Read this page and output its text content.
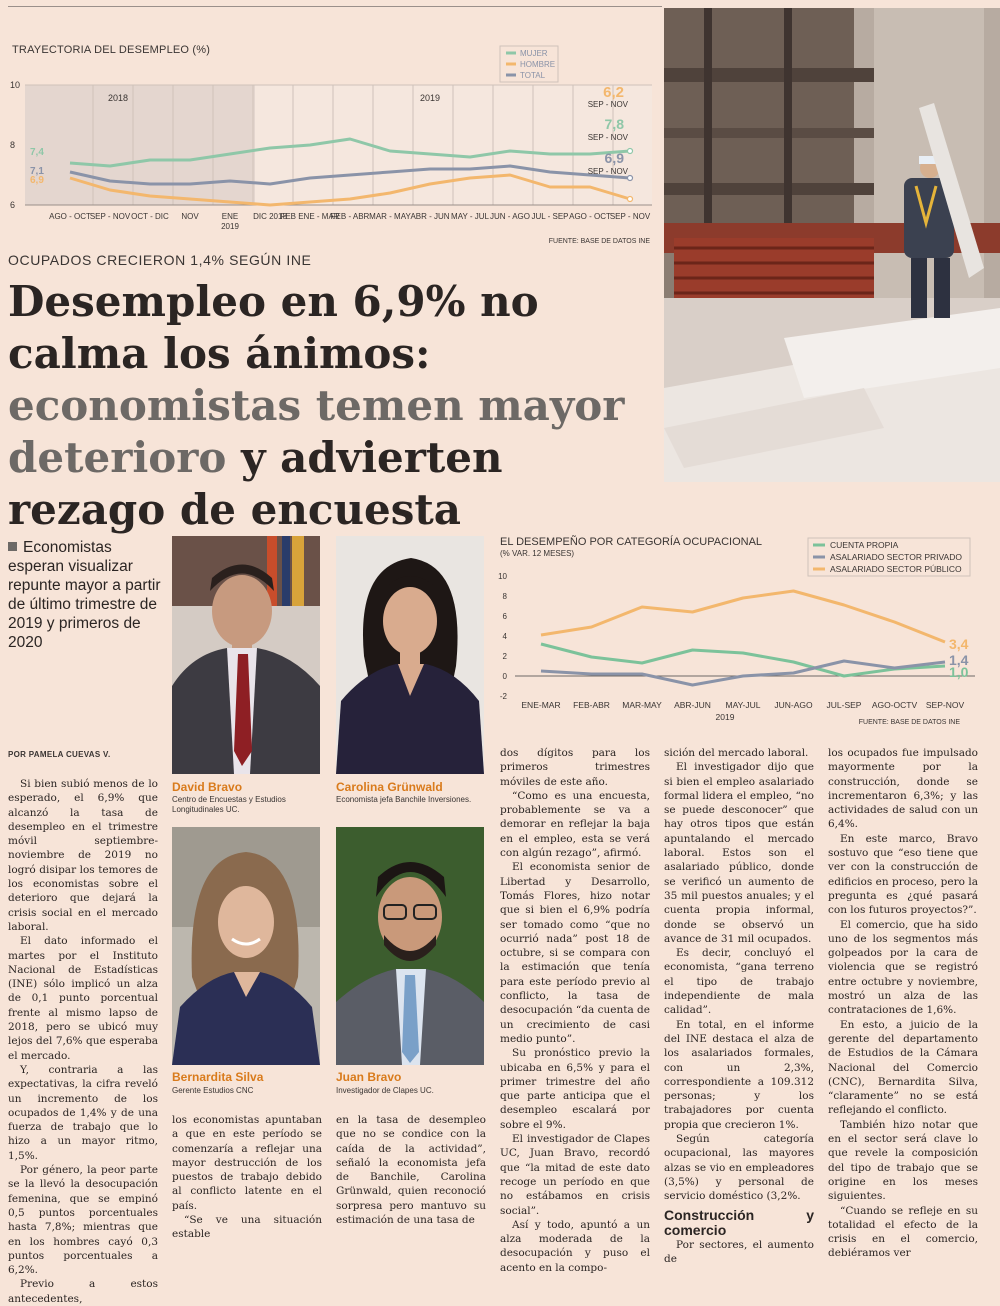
TRAYECTORIA DEL DESEMPLEO (%)
10
8
6
2018	2019
AGO - OCT
SEP - NOV OCT - DIC NOV	ENE DIC 2018
FEB ENE - MAR
FEB - ABR MAR - MAY ABR - JUN MAY - JUL JUN - AGO JUL - SEP AGO - OCT
SEP - NOV
2019
7,4
7,1
6,9
6,2
SEP - NOV
7,8
SEP - NOV
6,9
SEP - NOV
MUJER
HOMBRE
TOTAL
FUENTE: BASE DE DATOS INE
OCUPADOS CRECIERON 1,4% SEGÚN INE
Desempleo en 6,9% no calma los ánimos: economistas temen mayor deterioro y advierten rezago de encuesta
Economistas esperan visualizar repunte mayor a partir de último trimestre de 2019 y primeros de 2020
David Bravo
Centro de Encuestas y Estudios Longitudinales UC.
Carolina Grünwald
Economista jefa Banchile Inversiones.
Bernardita Silva
Gerente Estudios CNC
Juan Bravo
Investigador de Clapes UC.
EL DESEMPEÑO POR CATEGORÍA OCUPACIONAL
(% VAR. 12 MESES)
10
8
6
4
2
0
-2
ENE-MAR FEB-ABR MAR-MAY ABR-JUN MAY-JUL JUN-AGO JUL-SEP AGO-OCTV SEP-NOV
2019
3,4
1,4
1,0
CUENTA PROPIA
ASALARIADO SECTOR PRIVADO
ASALARIADO SECTOR PÚBLICO
FUENTE: BASE DE DATOS INE
POR PAMELA CUEVAS V.

Si bien subió menos de lo esperado, el 6,9% que alcanzó la tasa de desempleo en el trimestre móvil septiembre-noviembre de 2019 no logró disipar los temores de los economistas sobre el deterioro que dejará la crisis social en el mercado laboral.

El dato informado el martes por el Instituto Nacional de Estadísticas (INE) sólo implicó un alza de 0,1 punto porcentual frente al mismo lapso de 2018, pero se ubicó muy lejos del 7,6% que esperaba el mercado.

Y, contraria a las expectativas, la cifra reveló un incremento de los ocupados de 1,4% y de una fuerza de trabajo que lo hizo a un mayor ritmo, 1,5%.

Por género, la peor parte se la llevó la desocupación femenina, que se empinó 0,5 puntos porcentuales hasta 7,8%; mientras que en los hombres cayó 0,3 puntos porcentuales a 6,2%.

Previo a estos antecedentes,

los economistas apuntaban a que en este período se comenzaría a reflejar una mayor destrucción de los puestos de trabajo debido al conflicto latente en el país.

“Se ve una situación estable

en la tasa de desempleo que no se condice con la caída de la actividad”, señaló la economista jefa de Banchile, Carolina Grünwald, quien reconoció sorpresa pero mantuvo su estimación de una tasa de

dos dígitos para los primeros trimestres móviles de este año.

“Como es una encuesta, probablemente se va a demorar en reflejar la baja en el empleo, esta se verá con algún rezago”, afirmó.

El economista senior de Libertad y Desarrollo, Tomás Flores, hizo notar que si bien el 6,9% podría ser tomado como “que no ocurrió nada” post 18 de octubre, si se compara con la estimación que tenía para este período previo al conflicto, la tasa de desocupación “da cuenta de un crecimiento de casi medio punto”.

Su pronóstico previo la ubicaba en 6,5% y para el primer trimestre del año que parte anticipa que el desempleo escalará por sobre el 9%.

El investigador de Clapes UC, Juan Bravo, recordó que “la mitad de este dato recoge un período en que no estábamos en crisis social”.

Así y todo, apuntó a un alza moderada de la desocupación y puso el acento en la compo-

sición del mercado laboral.

El investigador dijo que si bien el empleo asalariado formal lidera el empleo, “no se puede desconocer” que hay otros tipos que están apuntalando el mercado laboral. Estos son el asalariado público, donde se verificó un aumento de 35 mil puestos anuales; y el cuenta propia informal, donde se observó un avance de 31 mil ocupados.

Es decir, concluyó el economista, “gana terreno el tipo de trabajo independiente de mala calidad”.

En total, en el informe del INE destaca el alza de los asalariados formales, con un 2,3%, correspondiente a 109.312 personas; y los trabajadores por cuenta propia que crecieron 1%.

Según categoría ocupacional, las mayores alzas se vio en empleadores (3,5%) y personal de servicio doméstico (3,2%.

Construcción y comercio

Por sectores, el aumento de

los ocupados fue impulsado mayormente por la construcción, donde se incrementaron 6,3%; y las actividades de salud con un 6,4%.

En este marco, Bravo sostuvo que “eso tiene que ver con la construcción de edificios en proceso, pero la pregunta es ¿qué pasará con los futuros proyectos?”.

El comercio, que ha sido uno de los segmentos más golpeados por la cara de violencia que se registró entre octubre y noviembre, mostró un alza de las contrataciones de 1,6%.

En esto, a juicio de la gerente del departamento de Estudios de la Cámara Nacional del Comercio (CNC), Bernardita Silva, “claramente” no se está reflejando el conflicto.

También hizo notar que en el sector será clave lo que revele la composición del tipo de trabajo que se origine en los meses siguientes.

“Cuando se refleje en su totalidad el efecto de la crisis en el comercio, debiéramos ver
